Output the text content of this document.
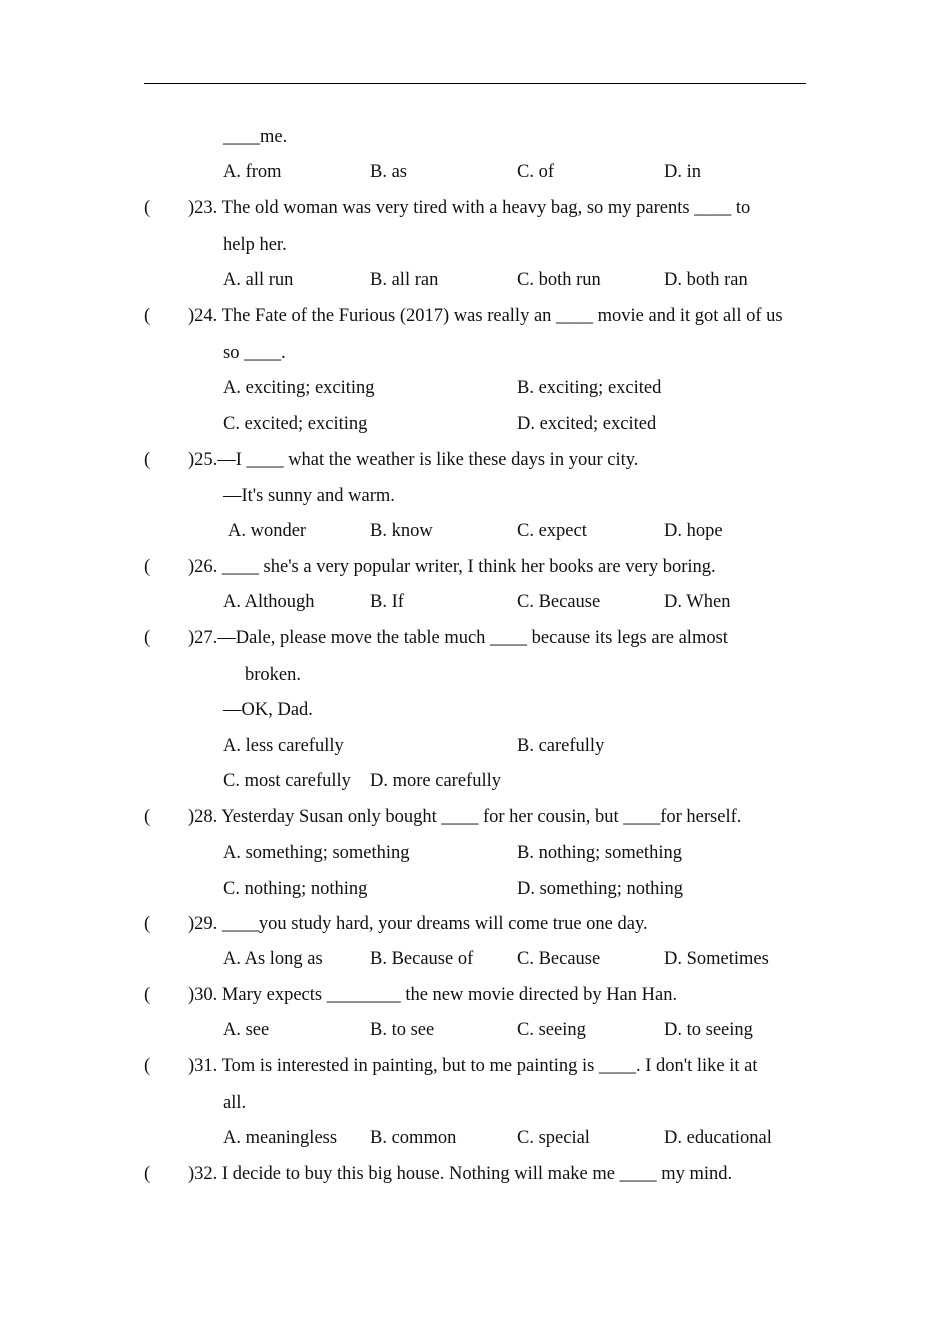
____me.
A. from	B. as	C. of	D. in
( )23. The old woman was very tired with a heavy bag, so my parents ____ to
help her.
A. all run	B. all ran	C. both run	D. both ran
( )24. The Fate of the Furious (2017) was really an ____ movie and it got all of us
so ____.
A. exciting; exciting	B. exciting; excited
C. excited; exciting	D. excited; excited
( )25.—I ____ what the weather is like these days in your city.
—It's sunny and warm.
A. wonder	B. know	C. expect	D. hope
( )26. ____ she's a very popular writer, I think her books are very boring.
A. Although	B. If	C. Because	D. When
( )27.—Dale, please move the table much ____ because its legs are almost
broken.
—OK, Dad.
A. less carefully	B. carefully
C. most carefully D. more carefully
( )28. Yesterday Susan only bought ____ for her cousin, but ____for herself.
A. something; something	B. nothing; something
C. nothing; nothing	D. something; nothing
( )29. ____you study hard, your dreams will come true one day.
A. As long as	B. Because of C. Because	D. Sometimes
( )30. Mary expects ________ the new movie directed by Han Han.
A. see	B. to see	C. seeing	D. to seeing
( )31. Tom is interested in painting, but to me painting is ____. I don't like it at
all.
A. meaningless B. common	C. special	D. educational
( )32. I decide to buy this big house. Nothing will make me ____ my mind.
